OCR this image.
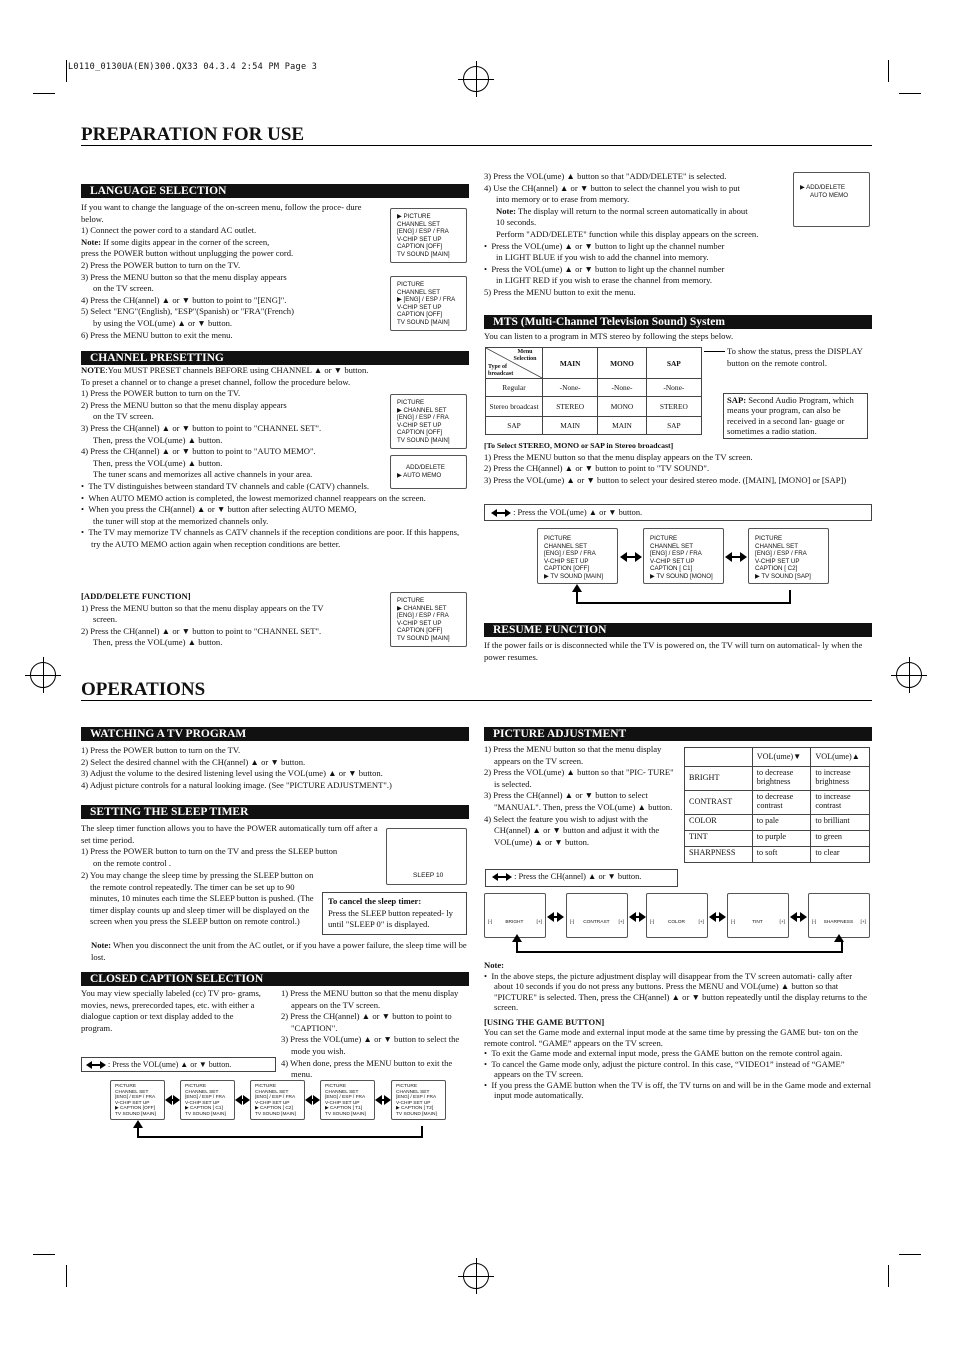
L0110_0130UA(EN)300.QX33 04.3.4 2:54 PM Page 3
PREPARATION FOR USE
LANGUAGE SELECTION

If you want to change the language of the on-screen menu, follow the proce- dure below.

1) Connect the power cord to a standard AC outlet.

Note: If some digits appear in the corner of the screen,

press the POWER button without unplugging the power cord.

2) Press the POWER button to turn on the TV.

3) Press the MENU button so that the menu display appears

on the TV screen.

4) Press the CH(annel) ▲ or ▼ button to point to "[ENG]".

5) Select "ENG"(English), "ESP"(Spanish) or "FRA"(French)

by using the VOL(ume) ▲ or ▼ button.

6) Press the MENU button to exit the menu.

▶ PICTURE
CHANNEL SET
[ENG] / ESP / FRA
V-CHIP SET UP
CAPTION [OFF]
TV SOUND [MAIN]
PICTURE
CHANNEL SET
▶ [ENG] / ESP / FRA
V-CHIP SET UP
CAPTION [OFF]
TV SOUND [MAIN]
CHANNEL PRESETTING

NOTE:You MUST PRESET channels BEFORE using CHANNEL ▲ or ▼ button.

To preset a channel or to change a preset channel, follow the procedure below.

1) Press the POWER button to turn on the TV.

2) Press the MENU button so that the menu display appears

on the TV screen.

3) Press the CH(annel) ▲ or ▼ button to point to "CHANNEL SET".

Then, press the VOL(ume) ▲ button.

4) Press the CH(annel) ▲ or ▼ button to point to "AUTO MEMO".

Then, press the VOL(ume) ▲ button.

The tuner scans and memorizes all active channels in your area.

•  The TV distinguishes between standard TV channels and cable (CATV) channels.

•  When AUTO MEMO action is completed, the lowest memorized channel reappears on the screen.

•  When you press the CH(annel) ▲ or ▼ button after selecting AUTO MEMO,

the tuner will stop at the memorized channels only.

•  The TV may memorize TV channels as CATV channels if the reception conditions are poor. If this happens, try the AUTO MEMO action again when reception conditions are better.

PICTURE
▶ CHANNEL SET
[ENG] / ESP / FRA
V-CHIP SET UP
CAPTION [OFF]
TV SOUND [MAIN]
ADD/DELETE
▶ AUTO MEMO

[ADD/DELETE FUNCTION]

1) Press the MENU button so that the menu display appears on the TV

screen.

2) Press the CH(annel) ▲ or ▼ button to point to "CHANNEL SET".

Then, press the VOL(ume) ▲ button.

PICTURE
▶ CHANNEL SET
[ENG] / ESP / FRA
V-CHIP SET UP
CAPTION [OFF]
TV SOUND [MAIN]

3) Press the VOL(ume) ▲ button so that "ADD/DELETE" is selected.

4) Use the CH(annel) ▲ or ▼ button to select the channel you wish to put

into memory or to erase from memory.

Note: The display will return to the normal screen automatically in about

10 seconds.

Perform "ADD/DELETE" function while this display appears on the screen.

•  Press the VOL(ume) ▲ or ▼ button to light up the channel number

in LIGHT BLUE if you wish to add the channel into memory.

•  Press the VOL(ume) ▲ or ▼ button to light up the channel number

in LIGHT RED if you wish to erase the channel from memory.

5) Press the MENU button to exit the menu.

▶ ADD/DELETE
AUTO MEMO
MTS (Multi-Channel Television Sound) System
You can listen to a program in MTS stereo by following the steps below.
Menu Selection
Type of broadcast	MAIN	MONO	SAP
Regular	-None-	-None-	-None-
Stereo broadcast	STEREO	MONO	STEREO
SAP	MAIN	MAIN	SAP
To show the status, press the DISPLAY button on the remote control.
SAP: Second Audio Program, which means your program, can also be received in a second lan- guage or sometimes a radio station.

[To Select STEREO, MONO or SAP in Stereo broadcast]

1) Press the MENU button so that the menu display appears on the TV screen.

2) Press the CH(annel) ▲ or ▼ button to point to "TV SOUND".

3) Press the VOL(ume) ▲ or ▼ button to select your desired stereo mode. ([MAIN], [MONO] or [SAP])

: Press the VOL(ume) ▲ or ▼ button.
PICTURE
CHANNEL SET
[ENG] / ESP / FRA
V-CHIP SET UP
CAPTION [OFF]
▶ TV SOUND [MAIN]
PICTURE
CHANNEL SET
[ENG] / ESP / FRA
V-CHIP SET UP
CAPTION [ C1]
▶ TV SOUND [MONO]
PICTURE
CHANNEL SET
[ENG] / ESP / FRA
V-CHIP SET UP
CAPTION [ C2]
▶ TV SOUND [SAP]
RESUME FUNCTION
If the power fails or is disconnected while the TV is powered on, the TV will turn on automatical- ly when the power resumes.
OPERATIONS
WATCHING A TV PROGRAM

1) Press the POWER button to turn on the TV.

2) Select the desired channel with the CH(annel) ▲ or ▼ button.

3) Adjust the volume to the desired listening level using the VOL(ume) ▲ or ▼ button.

4) Adjust picture controls for a natural looking image. (See "PICTURE ADJUSTMENT".)

SETTING THE SLEEP TIMER

The sleep timer function allows you to have the POWER automatically turn off after a set time period.

1) Press the POWER button to turn on the TV and press the SLEEP button

on the remote control .

2) You may change the sleep time by pressing the SLEEP button on the remote control repeatedly. The timer can be set up to 90 minutes, 10 minutes each time the SLEEP button is pushed. (The timer display counts up and sleep timer will be displayed on the screen when you press the SLEEP button on remote control.)

Note: When you disconnect the unit from the AC outlet, or if you have a power failure, the sleep time will be lost.
SLEEP 10

To cancel the sleep timer:

Press the SLEEP button repeated- ly until "SLEEP 0" is displayed.

CLOSED CAPTION SELECTION
You may view specially labeled (cc) TV pro- grams, movies, news, prerecorded tapes, etc. with either a dialogue caption or text display added to the program.

1) Press the MENU button so that the menu display appears on the TV screen.

2) Press the CH(annel) ▲ or ▼ button to point to "CAPTION".

3) Press the VOL(ume) ▲ or ▼ button to select the mode you wish.

4) When done, press the MENU button to exit the menu.

: Press the VOL(ume) ▲ or ▼ button.
PICTURE
CHANNEL SET
[ENG] / ESP / FRA
V-CHIP SET UP
▶ CAPTION [OFF]
TV SOUND [MAIN]
PICTURE
CHANNEL SET
[ENG] / ESP / FRA
V-CHIP SET UP
▶ CAPTION [ C1]
TV SOUND [MAIN]
PICTURE
CHANNEL SET
[ENG] / ESP / FRA
V-CHIP SET UP
▶ CAPTION [ C2]
TV SOUND [MAIN]
PICTURE
CHANNEL SET
[ENG] / ESP / FRA
V-CHIP SET UP
▶ CAPTION [ T1]
TV SOUND [MAIN]
PICTURE
CHANNEL SET
[ENG] / ESP / FRA
V-CHIP SET UP
▶ CAPTION [ T2]
TV SOUND [MAIN]
PICTURE ADJUSTMENT

1) Press the MENU button so that the menu display appears on the TV screen.

2) Press the VOL(ume) ▲ button so that "PIC- TURE" is selected.

3) Press the CH(annel) ▲ or ▼ button to select "MANUAL". Then, press the VOL(ume) ▲ button.

4) Select the feature you wish to adjust with the CH(annel) ▲ or ▼ button and adjust it with the VOL(ume) ▲ or ▼ button.

	VOL(ume)▼	VOL(ume)▲
BRIGHT	to decrease brightness	to increase brightness
CONTRAST	to decrease contrast	to increase contrast
COLOR	to pale	to brilliant
TINT	to purple	to green
SHARPNESS	to soft	to clear
: Press the CH(annel) ▲ or ▼ button.
[-]	BRIGHT	[+]	[-] CONTRAST [+]	[-]	COLOR	[+]	[-]	TINT	[+]	[-] SHARPNESS [+]

Note:

•  In the above steps, the picture adjustment display will disappear from the TV screen automati- cally after about 10 seconds if you do not press any buttons. Press the MENU and VOL(ume) ▲ button so that "PICTURE" is selected. Then, press the CH(annel) ▲ or ▼ button repeatedly until the display returns to the screen.

[USING THE GAME BUTTON]

You can set the Game mode and external input mode at the same time by pressing the GAME but- ton on the remote control. “GAME” appears on the TV screen.

•  To exit the Game mode and external input mode, press the GAME button on the remote control again.

•  To cancel the Game mode only, adjust the picture control. In this case, “VIDEO1” instead of “GAME” appears on the TV screen.

•  If you press the GAME button when the TV is off, the TV turns on and will be in the Game mode and external input mode automatically.
